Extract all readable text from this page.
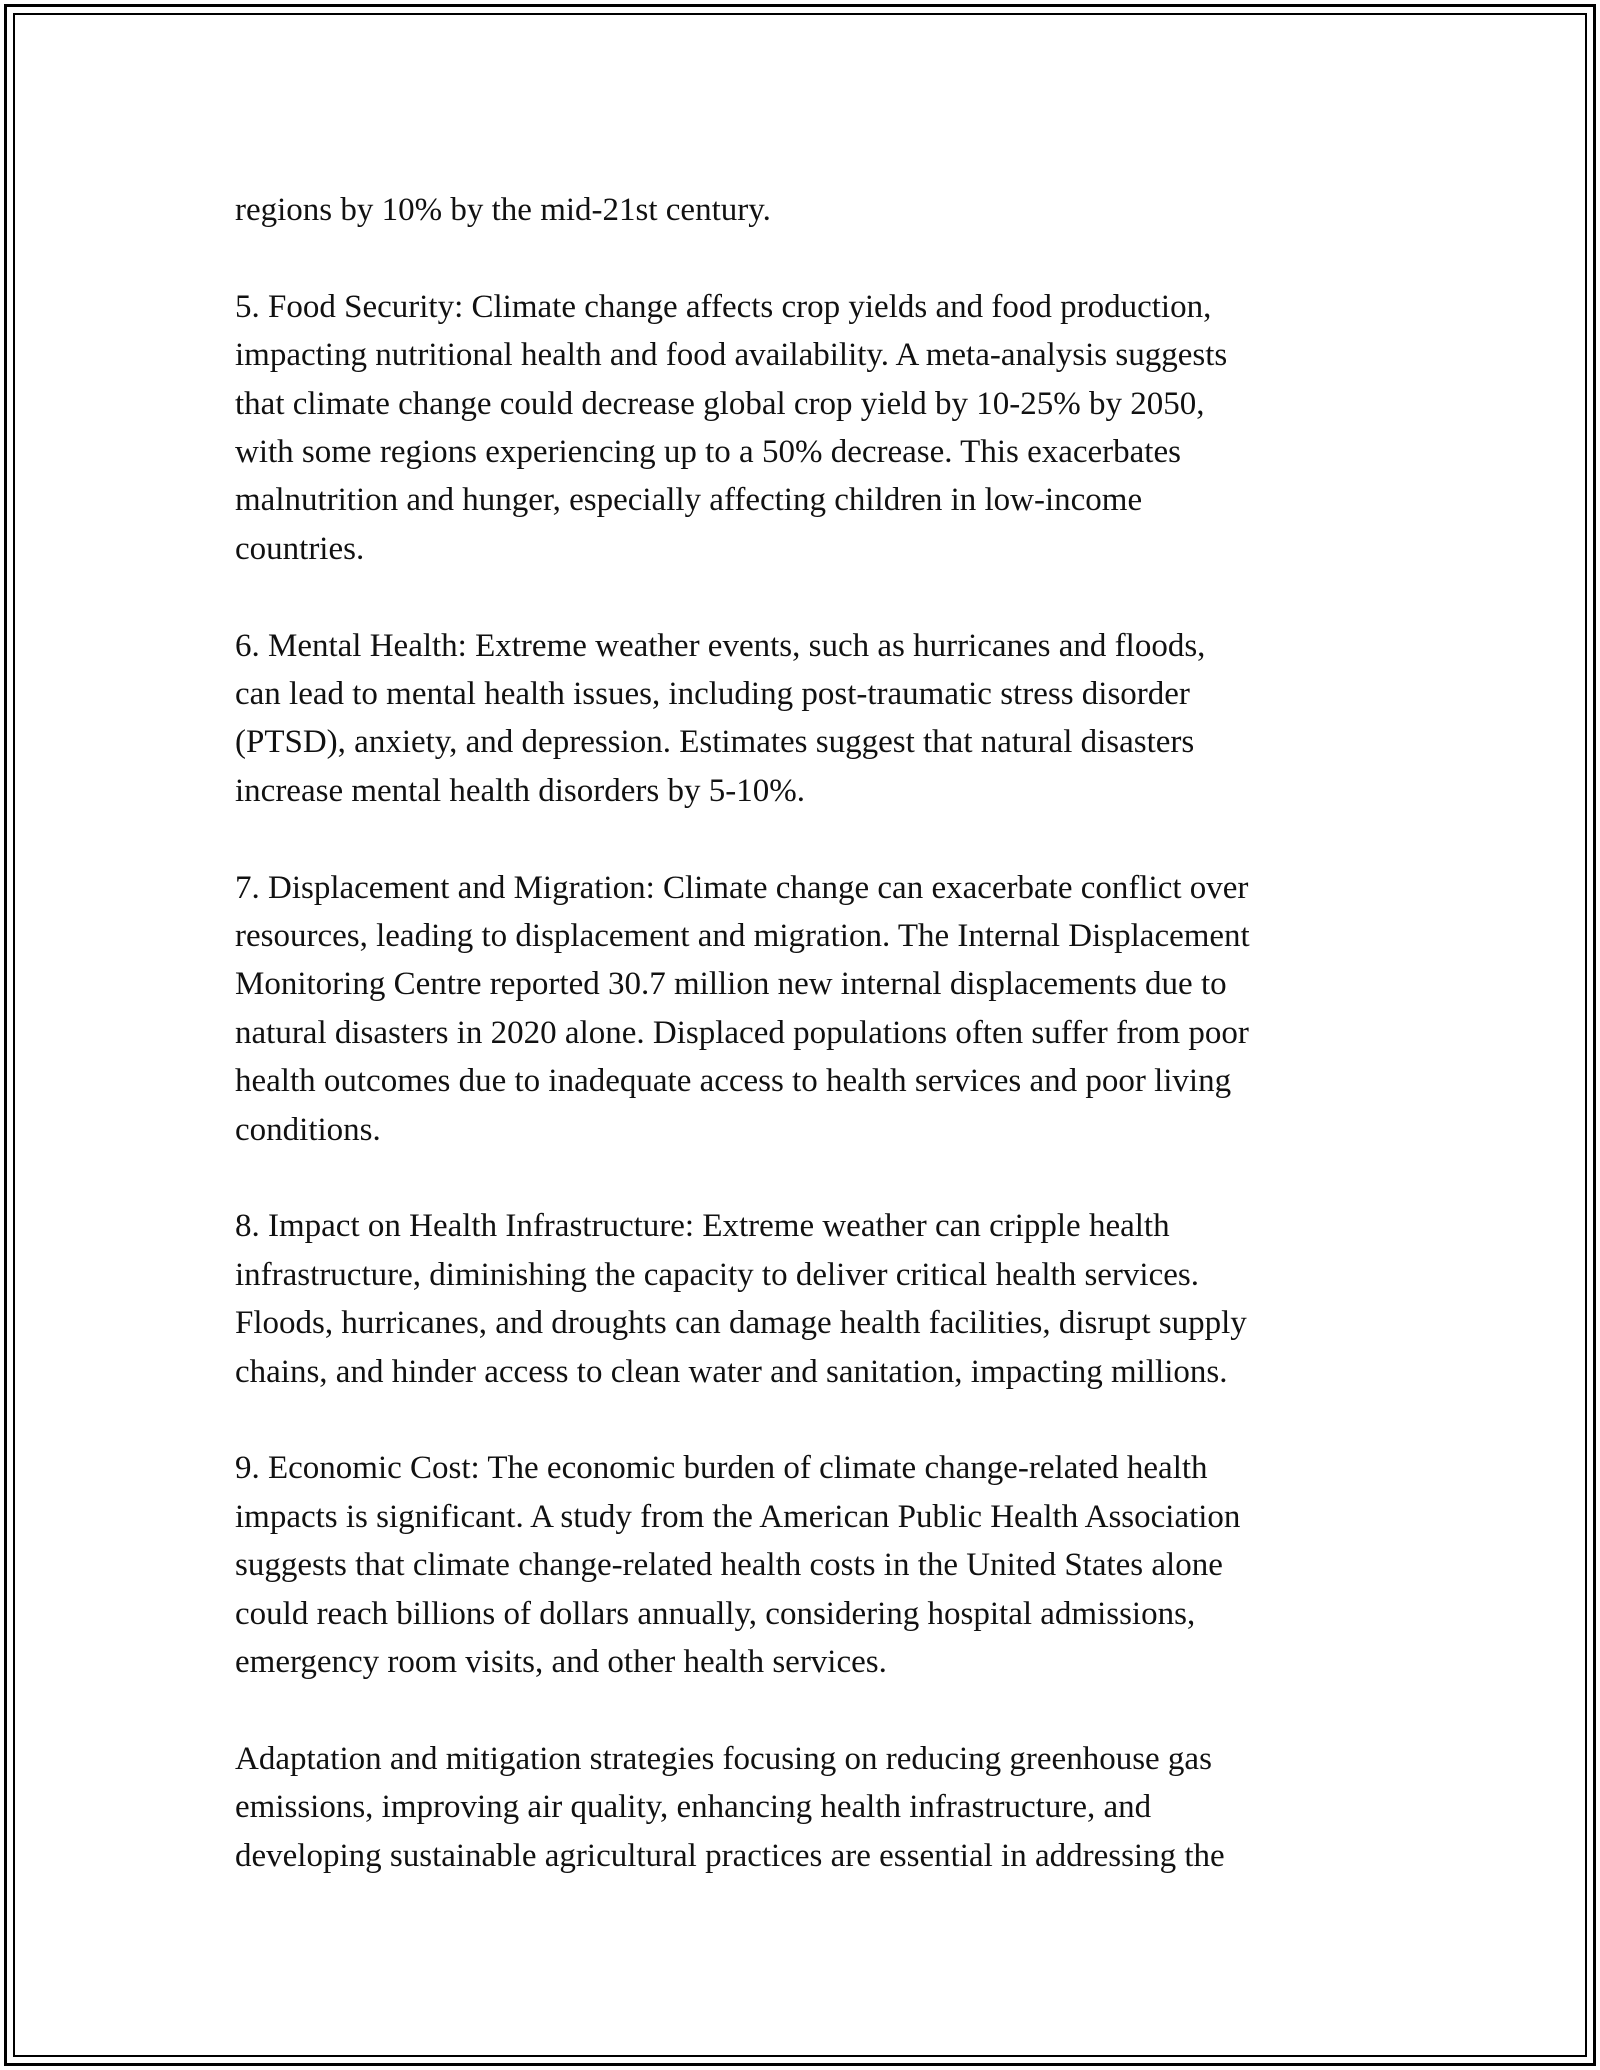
regions by 10% by the mid-21st century.

5. Food Security: Climate change affects crop yields and food production,
impacting nutritional health and food availability. A meta-analysis suggests
that climate change could decrease global crop yield by 10-25% by 2050,
with some regions experiencing up to a 50% decrease. This exacerbates
malnutrition and hunger, especially affecting children in low-income
countries.

6. Mental Health: Extreme weather events, such as hurricanes and floods,
can lead to mental health issues, including post-traumatic stress disorder
(PTSD), anxiety, and depression. Estimates suggest that natural disasters
increase mental health disorders by 5-10%.

7. Displacement and Migration: Climate change can exacerbate conflict over
resources, leading to displacement and migration. The Internal Displacement
Monitoring Centre reported 30.7 million new internal displacements due to
natural disasters in 2020 alone. Displaced populations often suffer from poor
health outcomes due to inadequate access to health services and poor living
conditions.

8. Impact on Health Infrastructure: Extreme weather can cripple health
infrastructure, diminishing the capacity to deliver critical health services.
Floods, hurricanes, and droughts can damage health facilities, disrupt supply
chains, and hinder access to clean water and sanitation, impacting millions.

9. Economic Cost: The economic burden of climate change-related health
impacts is significant. A study from the American Public Health Association
suggests that climate change-related health costs in the United States alone
could reach billions of dollars annually, considering hospital admissions,
emergency room visits, and other health services.

Adaptation and mitigation strategies focusing on reducing greenhouse gas
emissions, improving air quality, enhancing health infrastructure, and
developing sustainable agricultural practices are essential in addressing the
